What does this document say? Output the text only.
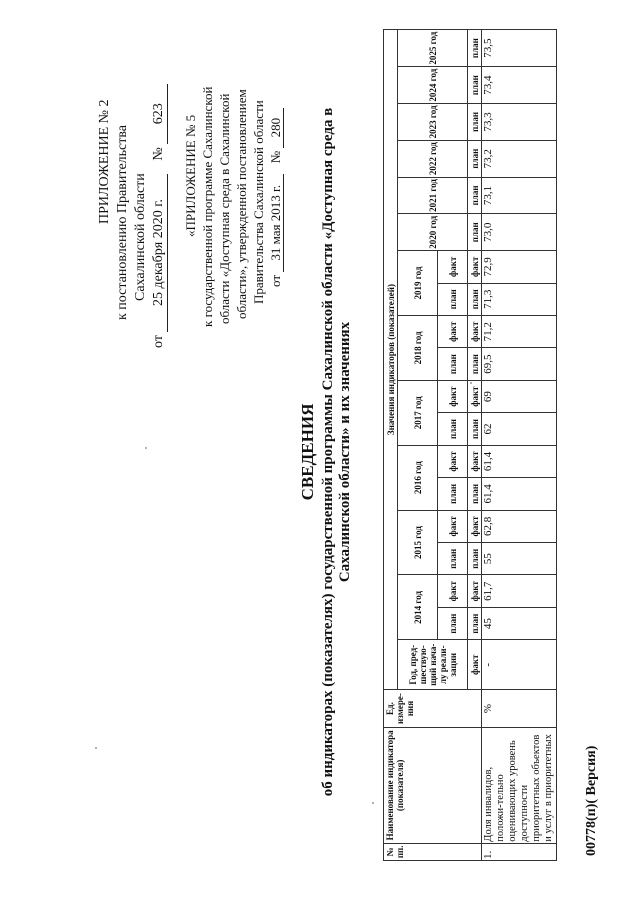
ПРИЛОЖЕНИЕ № 2 к постановлению Правительства Сахалинской области
от 25 декабря 2020 г.  № 623
«ПРИЛОЖЕНИЕ № 5 к государственной программе Сахалинской области «Доступная среда в Сахалинской области», утвержденной постановлением Правительства Сахалинской области от 31 мая 2013 г.  № 280
СВЕДЕНИЯ об индикаторах (показателях) государственной программы Сахалинской области «Доступная среда в Сахалинской области» и их значениях
№ пп.	Наименование индикатора (показателя)	Ед. измере-ния	Значения индикаторов (показателей)																		
			Год, пред-шествую-щий нача-лу реали-зации	2014 год		2015 год		2016 год		2017 год		2018 год		2019 год		2020 год	2021 год	2022 год	2023 год	2024 год	2025 год
				план	факт	план	факт	план	факт	план	факт	план	факт	план	факт						
			факт	план	факт	план	факт	план	факт	план	факт	план	факт	план	факт	план	план	план	план	план	план
1.	Доля инвалидов, положи-тельно оценивающих уровень доступности приоритетных объектов и услуг в приоритетных	%	-	45	61,7	55	62,8	61,4	61,4	62	69	69,5	71,2	71,3	72,9	73,0	73,1	73,2	73,3	73,4	73,5
00778(п)( Версия)
